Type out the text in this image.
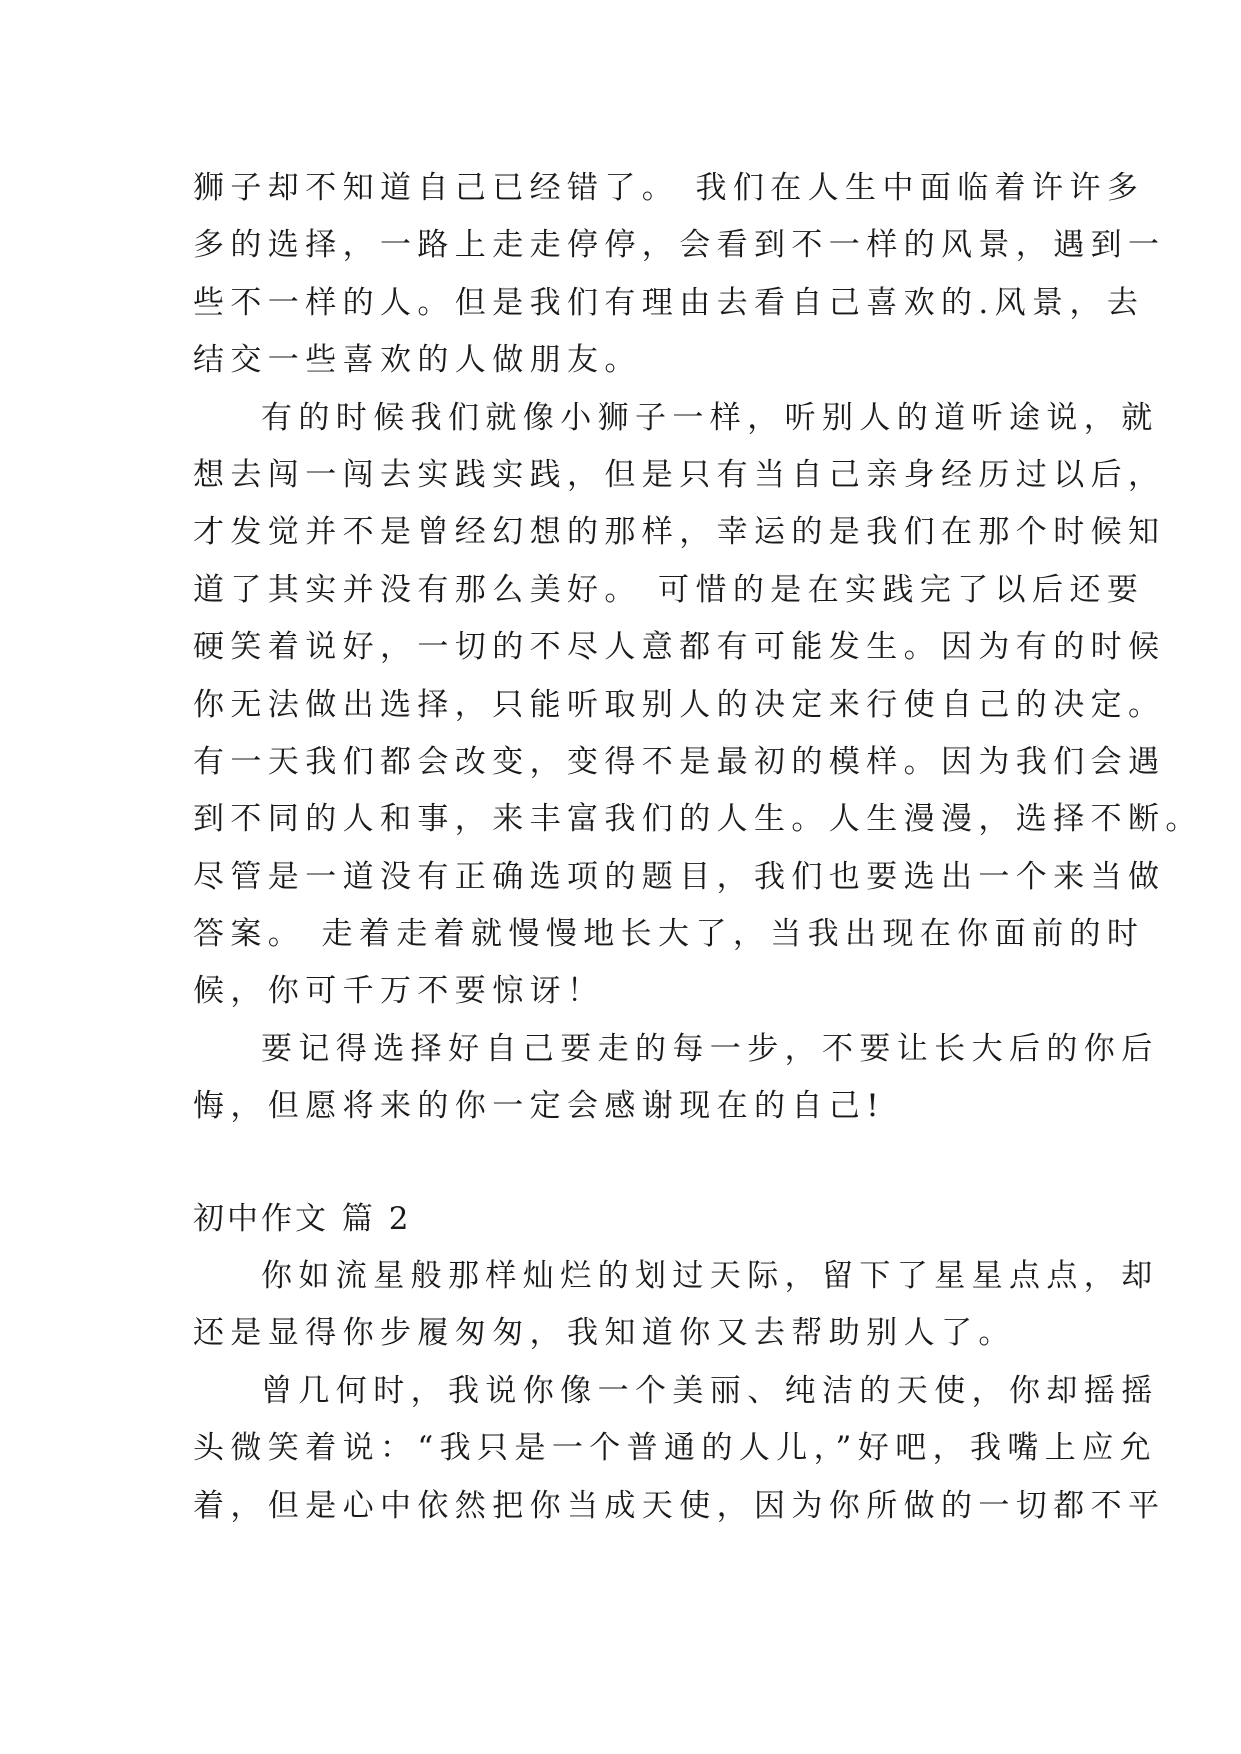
狮子却不知道自己已经错了。 我们在人生中面临着许许多
多的选择，一路上走走停停，会看到不一样的风景，遇到一
些不一样的人。但是我们有理由去看自己喜欢的.风景，去
结交一些喜欢的人做朋友。
有的时候我们就像小狮子一样，听别人的道听途说，就
想去闯一闯去实践实践，但是只有当自己亲身经历过以后，
才发觉并不是曾经幻想的那样，幸运的是我们在那个时候知
道了其实并没有那么美好。 可惜的是在实践完了以后还要
硬笑着说好，一切的不尽人意都有可能发生。因为有的时候
你无法做出选择，只能听取别人的决定来行使自己的决定。
有一天我们都会改变，变得不是最初的模样。因为我们会遇
到不同的人和事，来丰富我们的人生。人生漫漫，选择不断。
尽管是一道没有正确选项的题目，我们也要选出一个来当做
答案。 走着走着就慢慢地长大了，当我出现在你面前的时
候，你可千万不要惊讶！
要记得选择好自己要走的每一步，不要让长大后的你后
悔，但愿将来的你一定会感谢现在的自己!
初中作文 篇 2
你如流星般那样灿烂的划过天际，留下了星星点点，却
还是显得你步履匆匆，我知道你又去帮助别人了。
曾几何时，我说你像一个美丽、纯洁的天使，你却摇摇
头微笑着说：“我只是一个普通的人儿，”好吧，我嘴上应允
着，但是心中依然把你当成天使，因为你所做的一切都不平
